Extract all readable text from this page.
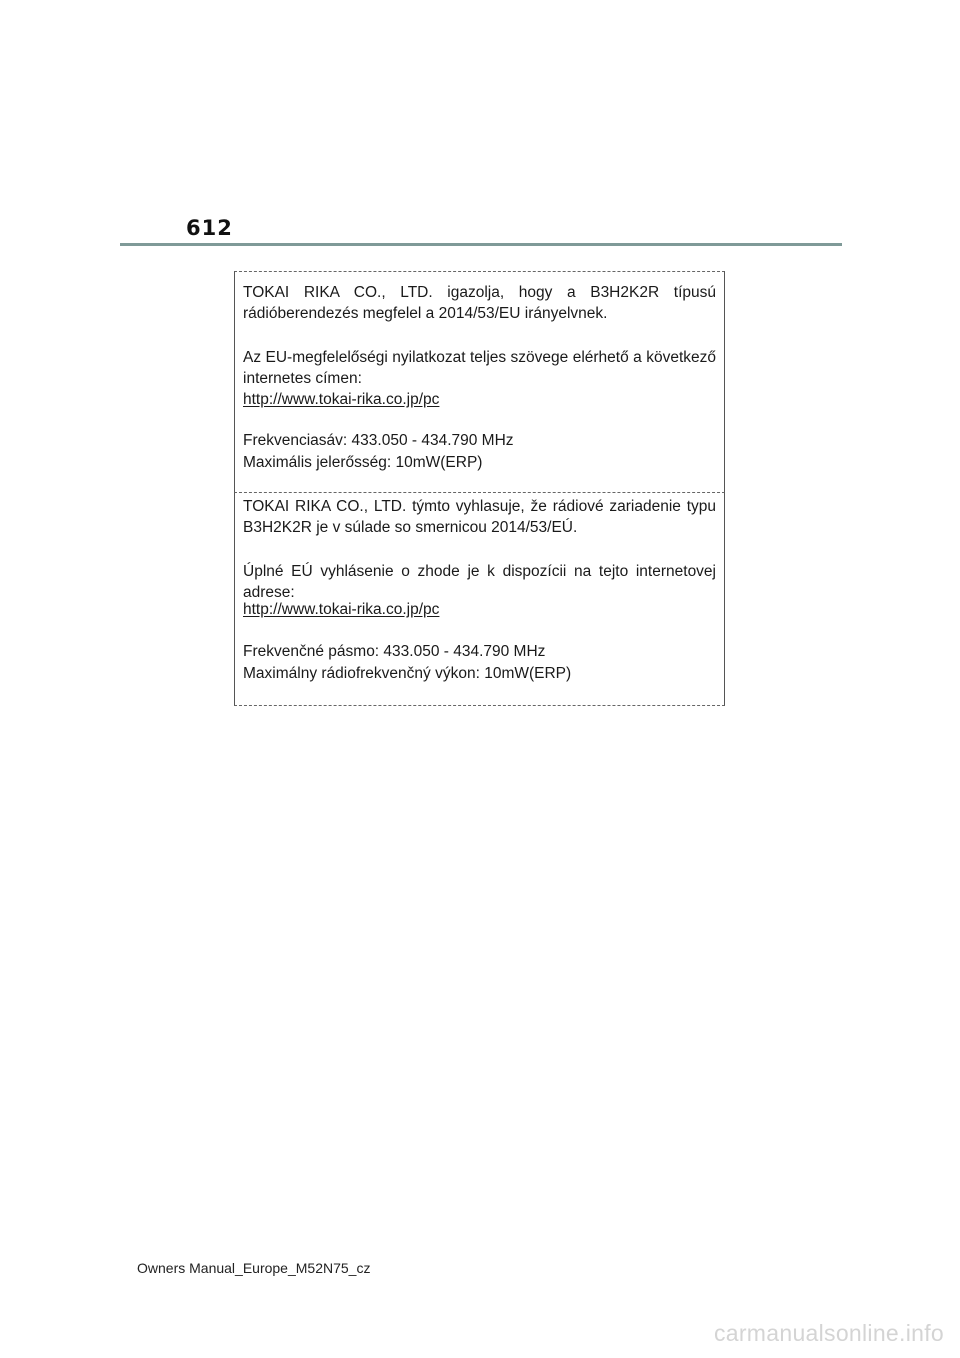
612

TOKAI RIKA CO., LTD. igazolja, hogy a B3H2K2R típusú rádióberendezés megfelel a 2014/53/EU irányelvnek.

Az EU-megfelelőségi nyilatkozat teljes szövege elérhető a következő internetes címen:

http://www.tokai-rika.co.jp/pc

Frekvenciasáv: 433.050 - 434.790 MHz

Maximális jelerősség: 10mW(ERP)

TOKAI RIKA CO., LTD. týmto vyhlasuje, že rádiové zariadenie typu B3H2K2R je v súlade so smernicou 2014/53/EÚ.

Úplné EÚ vyhlásenie o zhode je k dispozícii na tejto internetovej adrese:

http://www.tokai-rika.co.jp/pc

Frekvenčné pásmo: 433.050 - 434.790 MHz

Maximálny rádiofrekvenčný výkon: 10mW(ERP)

Owners Manual_Europe_M52N75_cz
carmanualsonline.info
